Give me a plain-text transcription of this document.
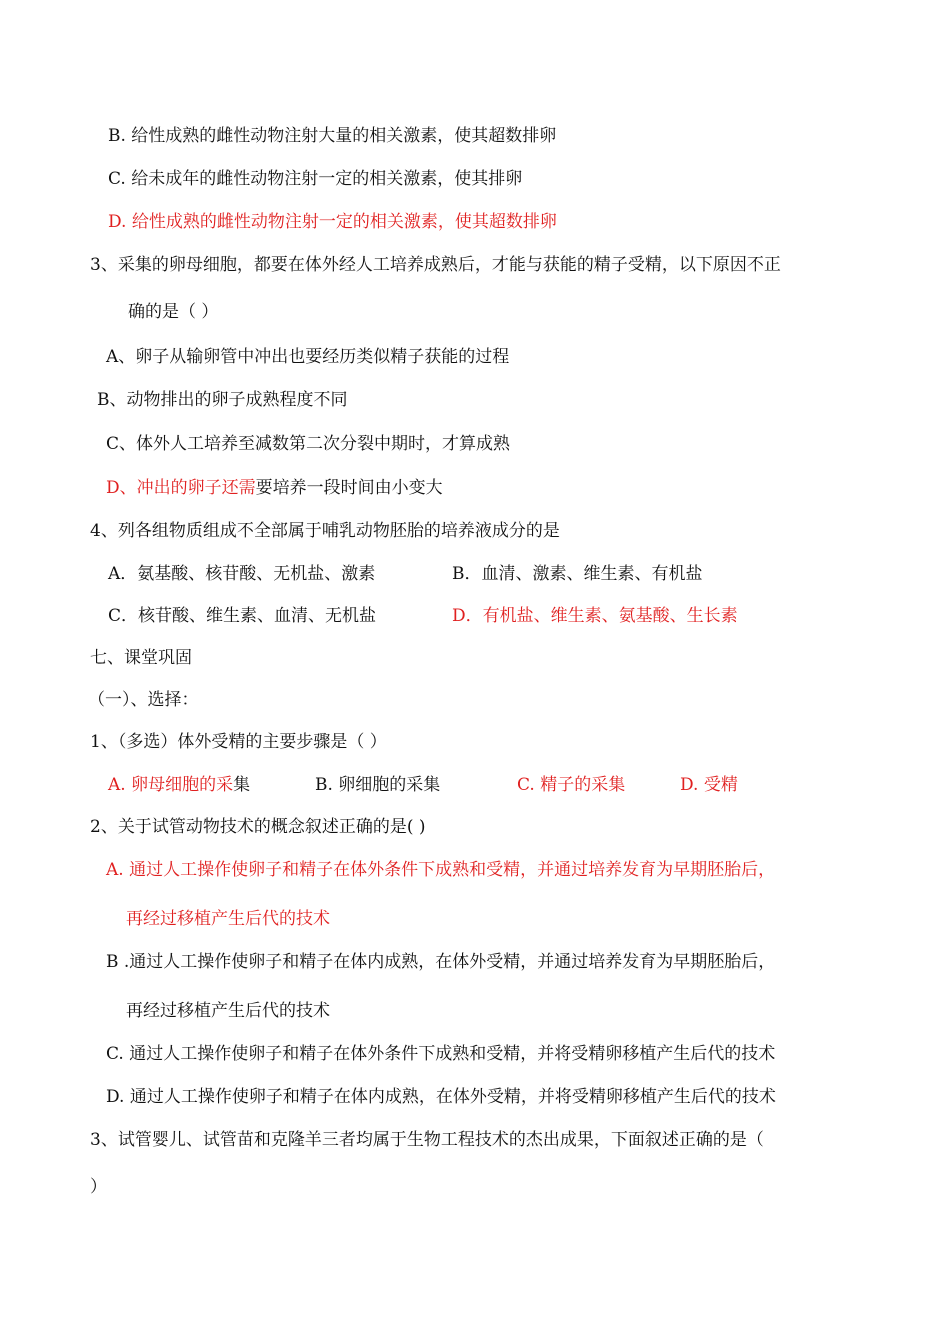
B. 给性成熟的雌性动物注射大量的相关激素，使其超数排卵
C. 给未成年的雌性动物注射一定的相关激素，使其排卵
D. 给性成熟的雌性动物注射一定的相关激素，使其超数排卵
3、采集的卵母细胞，都要在体外经人工培养成熟后，才能与获能的精子受精，以下原因不正
确的是（ ）
A、卵子从输卵管中冲出也要经历类似精子获能的过程
B、动物排出的卵子成熟程度不同
C、体外人工培养至减数第二次分裂中期时，才算成熟
D、冲出的卵子还需要培养一段时间由小变大
4、列各组物质组成不全部属于哺乳动物胚胎的培养液成分的是
A．氨基酸、核苷酸、无机盐、激素	B．血清、激素、维生素、有机盐
C．核苷酸、维生素、血清、无机盐	D．有机盐、维生素、氨基酸、生长素
七、课堂巩固
（一）、选择：
1、（多选）体外受精的主要步骤是（ ）
A. 卵母细胞的采集	B. 卵细胞的采集	C. 精子的采集	D. 受精
2、关于试管动物技术的概念叙述正确的是( )
A. 通过人工操作使卵子和精子在体外条件下成熟和受精，并通过培养发育为早期胚胎后，
再经过移植产生后代的技术
B .通过人工操作使卵子和精子在体内成熟，在体外受精，并通过培养发育为早期胚胎后，
再经过移植产生后代的技术
C. 通过人工操作使卵子和精子在体外条件下成熟和受精，并将受精卵移植产生后代的技术
D. 通过人工操作使卵子和精子在体内成熟，在体外受精，并将受精卵移植产生后代的技术
3、试管婴儿、试管苗和克隆羊三者均属于生物工程技术的杰出成果，下面叙述正确的是（
）
